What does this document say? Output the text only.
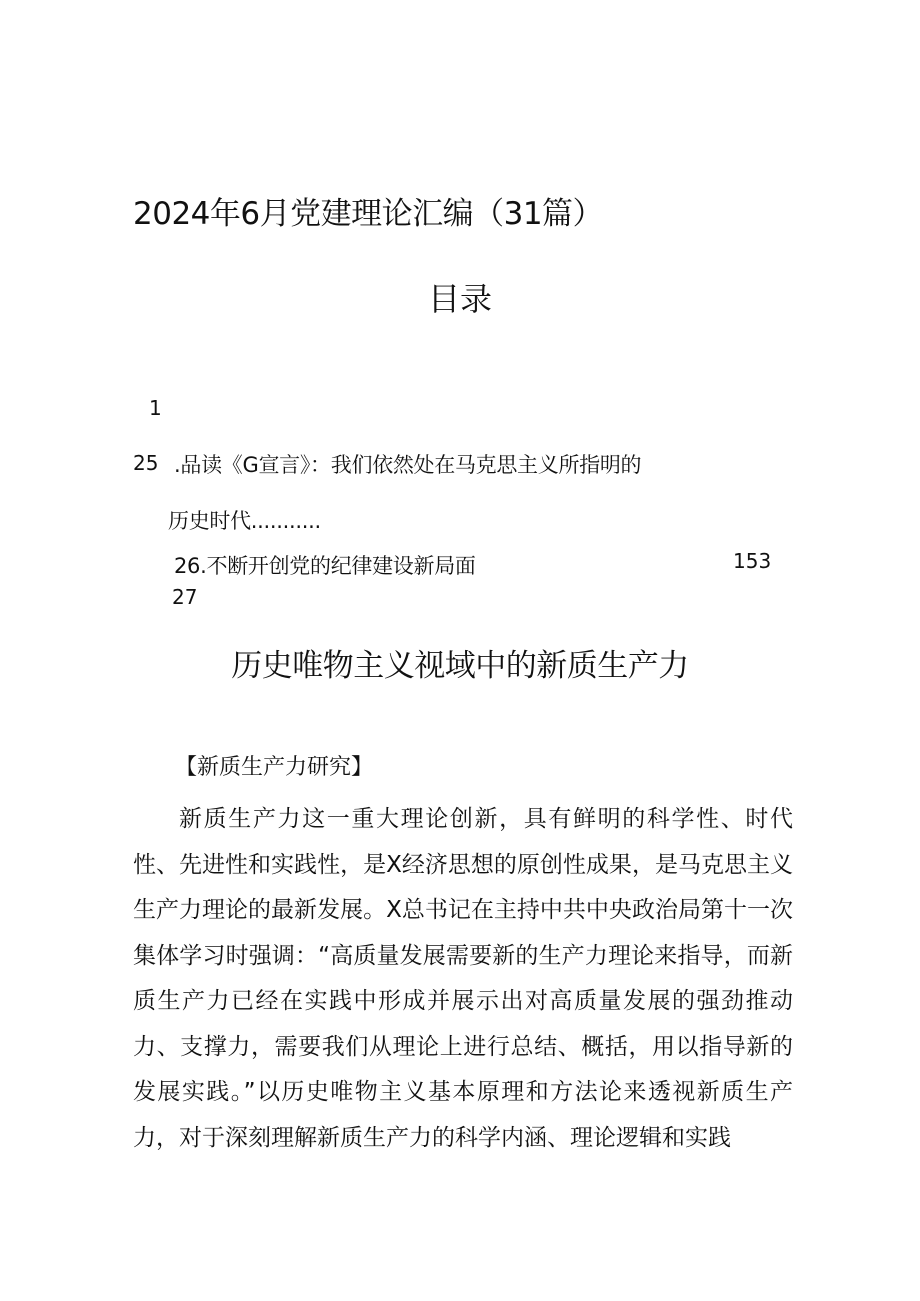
2024年6月党建理论汇编（31篇）
目录
1
25 .品读《G宣言》：我们依然处在马克思主义所指明的
历史时代...........
26.不断开创党的纪律建设新局面	153
27
历史唯物主义视域中的新质生产力
【新质生产力研究】

新质生产力这一重大理论创新，具有鲜明的科学性、时代性、先进性和实践性，是X经济思想的原创性成果，是马克思主义生产力理论的最新发展。X总书记在主持中共中央政治局第十一次集体学习时强调：“高质量发展需要新的生产力理论来指导，而新质生产力已经在实践中形成并展示出对高质量发展的强劲推动力、支撑力，需要我们从理论上进行总结、概括，用以指导新的发展实践。”以历史唯物主义基本原理和方法论来透视新质生产力，对于深刻理解新质生产力的科学内涵、理论逻辑和实践
